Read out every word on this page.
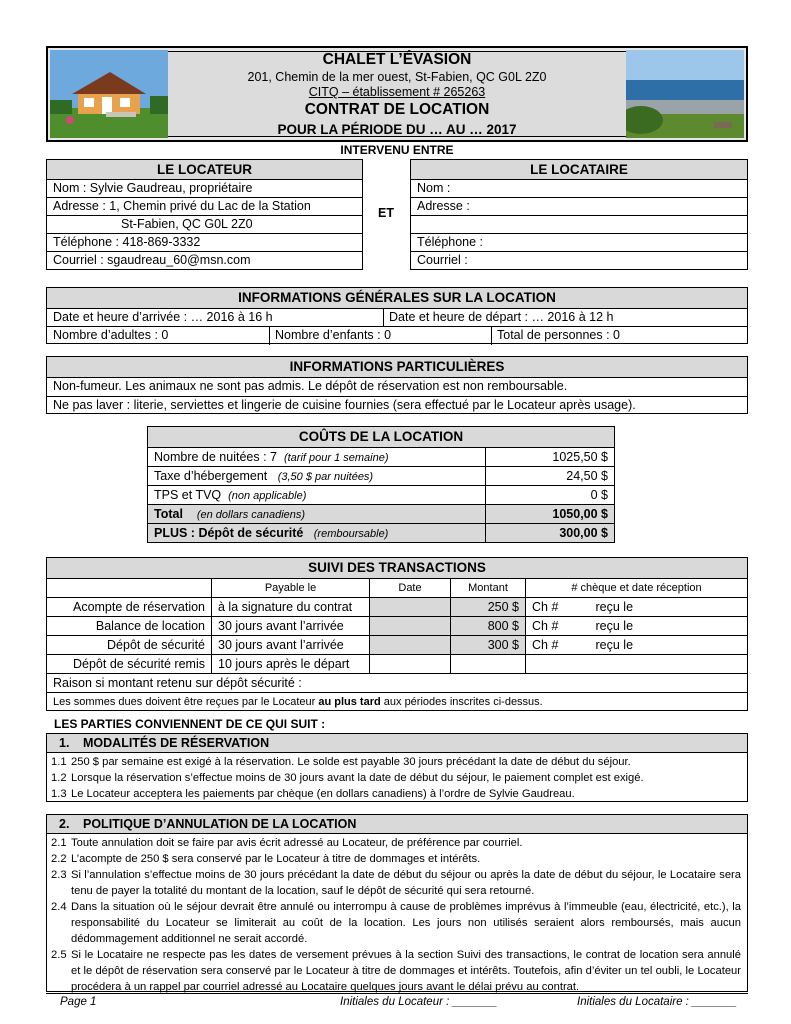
CHALET L’ÉVASION
201, Chemin de la mer ouest, St-Fabien, QC G0L 2Z0
CITQ – établissement # 265263
CONTRAT DE LOCATION
POUR LA PÉRIODE DU … AU … 2017
INTERVENU ENTRE
LE LOCATEUR
Nom : Sylvie Gaudreau, propriétaire
Adresse : 1, Chemin privé du Lac de la Station
St-Fabien, QC G0L 2Z0
Téléphone : 418-869-3332
Courriel : sgaudreau_60@msn.com
ET
LE LOCATAIRE
Nom :
Adresse :
Téléphone :
Courriel :
INFORMATIONS GÉNÉRALES SUR LA LOCATION
Date et heure d’arrivée : … 2016 à 16 h	Date et heure de départ : … 2016 à 12 h
Nombre d’adultes : 0	Nombre d’enfants : 0	Total de personnes : 0
INFORMATIONS PARTICULIÈRES
Non-fumeur. Les animaux ne sont pas admis. Le dépôt de réservation est non remboursable.
Ne pas laver : literie, serviettes et lingerie de cuisine fournies (sera effectué par le Locateur après usage).
COÛTS DE LA LOCATION	
Nombre de nuitées : 7 (tarif pour 1 semaine)	1025,50 $
Taxe d’hébergement (3,50 $ par nuitées)	24,50 $
TPS et TVQ (non applicable)	0 $
Total (en dollars canadiens)	1050,00 $
PLUS : Dépôt de sécurité (remboursable)	300,00 $
SUIVI DES TRANSACTIONS					
	Payable le	Date	Montant	# chèque et date réception	
Acompte de réservation	à la signature du contrat		250 $	Ch #	reçu le
Balance de location	30 jours avant l’arrivée		800 $	Ch #	reçu le
Dépôt de sécurité	30 jours avant l’arrivée		300 $	Ch #	reçu le
Dépôt de sécurité remis	10 jours après le départ				
Raison si montant retenu sur dépôt sécurité :					
Les sommes dues doivent être reçues par le Locateur au plus tard aux périodes inscrites ci-dessus.					
LES PARTIES CONVIENNENT DE CE QUI SUIT :
1. MODALITÉS DE RÉSERVATION
1.1 250 $ par semaine est exigé à la réservation. Le solde est payable 30 jours précédant la date de début du séjour.
1.2 Lorsque la réservation s’effectue moins de 30 jours avant la date de début du séjour, le paiement complet est exigé.
1.3 Le Locateur acceptera les paiements par chèque (en dollars canadiens) à l’ordre de Sylvie Gaudreau.
2. POLITIQUE D’ANNULATION DE LA LOCATION
2.1 Toute annulation doit se faire par avis écrit adressé au Locateur, de préférence par courriel.
2.2 L’acompte de 250 $ sera conservé par le Locateur à titre de dommages et intérêts.
2.3 Si l’annulation s’effectue moins de 30 jours précédant la date de début du séjour ou après la date de début du séjour, le Locataire sera tenu de payer la totalité du montant de la location, sauf le dépôt de sécurité qui sera retourné.
2.4 Dans la situation où le séjour devrait être annulé ou interrompu à cause de problèmes imprévus à l’immeuble (eau, électricité, etc.), la responsabilité du Locateur se limiterait au coût de la location. Les jours non utilisés seraient alors remboursés, mais aucun dédommagement additionnel ne serait accordé.
2.5 Si le Locataire ne respecte pas les dates de versement prévues à la section Suivi des transactions, le contrat de location sera annulé et le dépôt de réservation sera conservé par le Locateur à titre de dommages et intérêts. Toutefois, afin d’éviter un tel oubli, le Locateur procédera à un rappel par courriel adressé au Locataire quelques jours avant le délai prévu au contrat.
Page 1	Initiales du Locateur : _______	Initiales du Locataire : _______
